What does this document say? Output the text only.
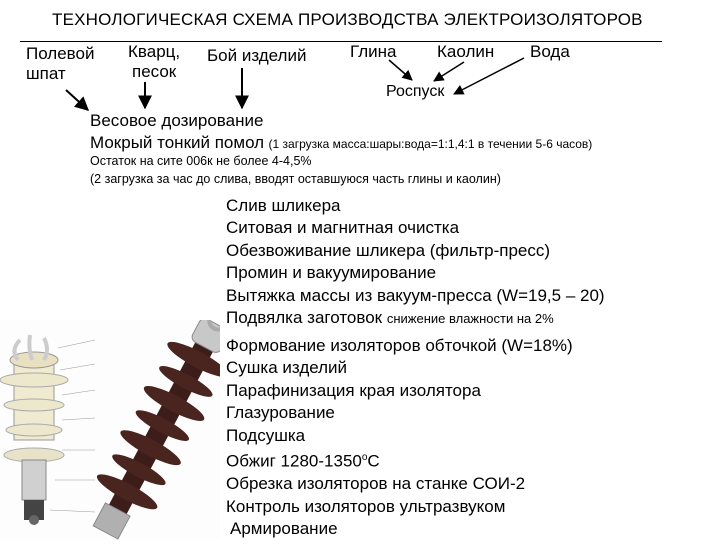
ТЕХНОЛОГИЧЕСКАЯ СХЕМА ПРОИЗВОДСТВА ЭЛЕКТРОИЗОЛЯТОРОВ
Полевой
шпат
Кварц,
песок
Бой изделий	Глина Каолин Вода
Роспуск
Весовое дозирование
Мокрый тонкий помол (1 загрузка масса:шары:вода=1:1,4:1 в течении 5-6 часов)
Остаток на сите 006к не более 4-4,5%
(2 загрузка за час до слива, вводят оставшуюся часть глины и каолин)
Слив шликера
Ситовая и магнитная очистка
Обезвоживание шликера (фильтр-пресс)
Промин и вакуумирование
Вытяжка массы из вакуум-пресса (W=19,5 – 20)
Подвялка заготовок снижение влажности на 2%
Формование изоляторов обточкой (W=18%)
Сушка изделий
Парафинизация края изолятора
Глазурование
Подсушка
Обжиг $1280-1350^оС$
Обрезка изоляторов на станке СОИ-2
Контроль изоляторов ультразвуком
Армирование
